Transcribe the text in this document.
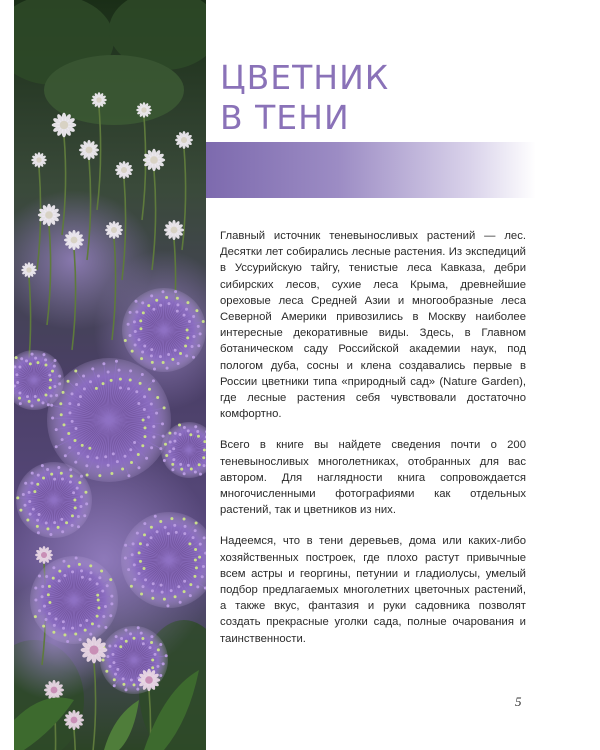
ЦВЕТНИК
В ТЕНИ

Главный источник теневыносливых растений — лес. Десятки лет собирались лесные растения. Из экспедиций в Уссурийскую тайгу, тенистые леса Кавказа, дебри сибирских лесов, сухие леса Крыма, древнейшие ореховые леса Средней Азии и многообразные леса Северной Америки привозились в Москву наиболее интересные декоративные виды. Здесь, в Главном ботаническом саду Российской академии наук, под пологом дуба, сосны и клена создавались первые в России цветники типа «природный сад» (Nature Garden), где лесные растения себя чувствовали достаточно комфортно.

Всего в книге вы найдете сведения почти о 200 теневыносливых многолетниках, отобранных для вас автором. Для наглядности книга сопровождается многочисленными фотографиями как отдельных растений, так и цветников из них.

Надеемся, что в тени деревьев, дома или каких-либо хозяйственных построек, где плохо растут привычные всем астры и георгины, петунии и гладиолусы, умелый подбор предлагаемых многолетних цветочных растений, а также вкус, фантазия и руки садовника позволят создать прекрасные уголки сада, полные очарования и таинственности.

5
